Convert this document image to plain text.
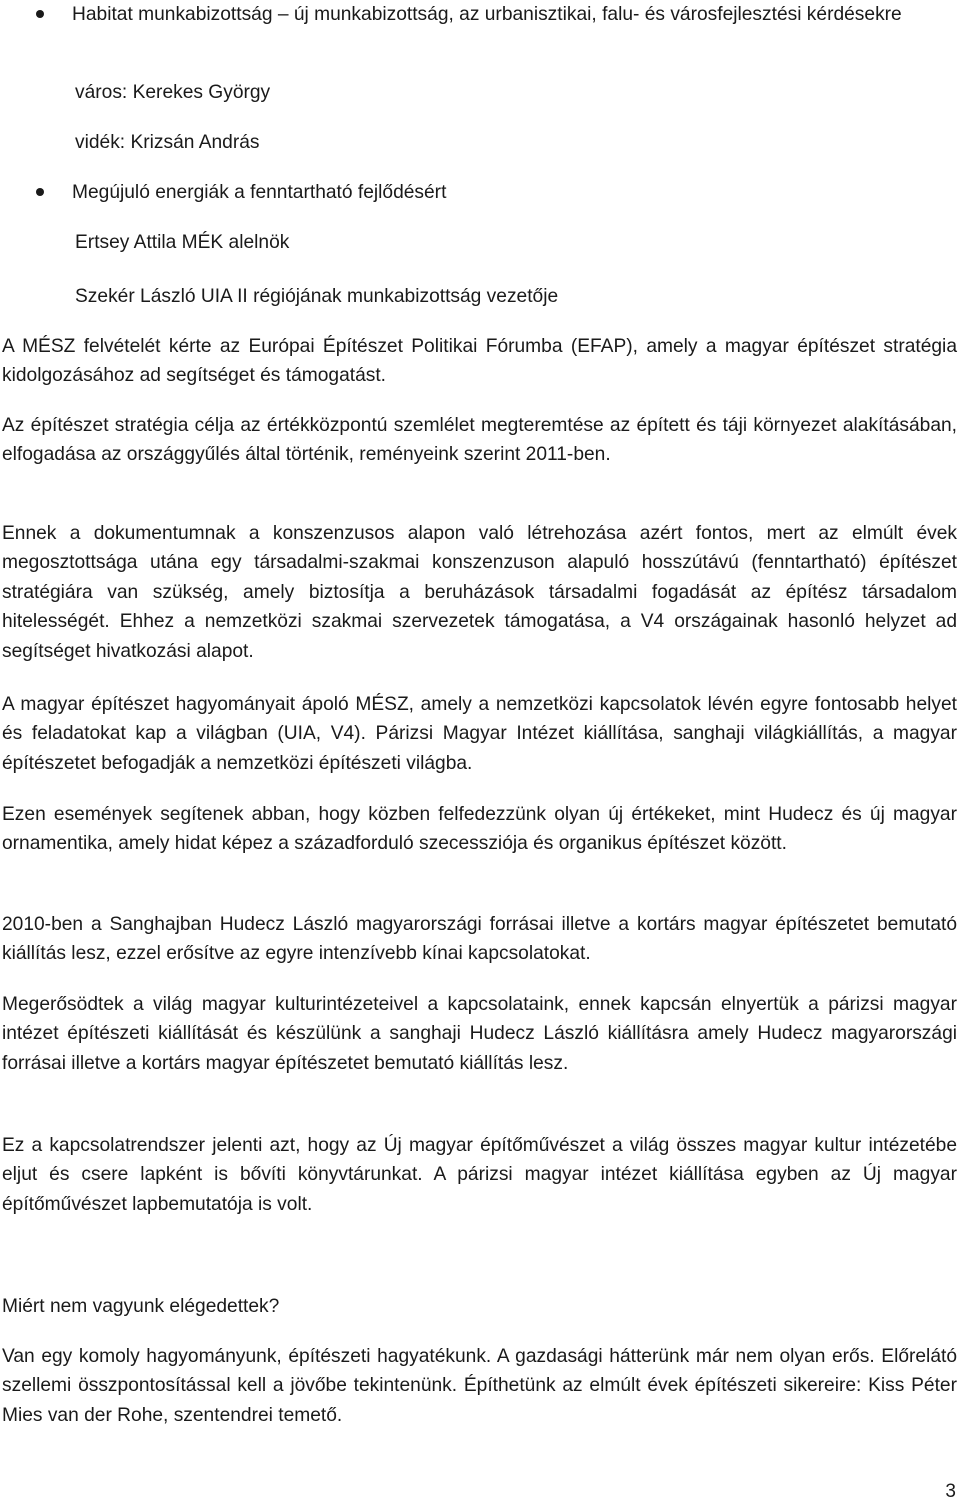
Habitat munkabizottság – új munkabizottság, az urbanisztikai, falu- és városfejlesztési kérdésekre
város: Kerekes György
vidék: Krizsán András
Megújuló energiák a fenntartható fejlődésért
Ertsey Attila MÉK alelnök
Szekér László UIA II régiójának munkabizottság vezetője
A MÉSZ felvételét kérte az Európai Építészet Politikai Fórumba (EFAP), amely a magyar építészet stratégia kidolgozásához ad segítséget és támogatást.
Az építészet stratégia célja az értékközpontú szemlélet megteremtése az épített és táji környezet alakításában, elfogadása az országgyűlés által történik, reményeink szerint 2011-ben.
Ennek a dokumentumnak a konszenzusos alapon való létrehozása azért fontos, mert az elmúlt évek megosztottsága utána egy társadalmi-szakmai konszenzuson alapuló hosszútávú (fenntartható) építészet stratégiára van szükség, amely biztosítja a beruházások társadalmi fogadását az építész társadalom hitelességét. Ehhez a nemzetközi szakmai szervezetek támogatása, a V4 országainak hasonló helyzet ad segítséget hivatkozási alapot.
A magyar építészet hagyományait ápoló MÉSZ, amely a nemzetközi kapcsolatok lévén egyre fontosabb helyet és feladatokat kap a világban (UIA, V4). Párizsi Magyar Intézet kiállítása, sanghaji világkiállítás, a magyar építészetet befogadják a nemzetközi építészeti világba.
Ezen események segítenek abban, hogy közben felfedezzünk olyan új értékeket, mint Hudecz és új magyar ornamentika, amely hidat képez a századforduló szecessziója és organikus építészet között.
2010-ben a Sanghajban Hudecz László magyarországi forrásai illetve a kortárs magyar építészetet bemutató kiállítás lesz, ezzel erősítve az egyre intenzívebb kínai kapcsolatokat.
Megerősödtek a világ magyar kulturintézeteivel a kapcsolataink, ennek kapcsán elnyertük a párizsi magyar intézet építészeti kiállítását és készülünk a sanghaji Hudecz László kiállításra amely Hudecz magyarországi forrásai illetve a kortárs magyar építészetet bemutató kiállítás lesz.
Ez a kapcsolatrendszer jelenti azt, hogy az Új magyar építőművészet a világ összes magyar kultur intézetébe eljut és csere lapként is bővíti könyvtárunkat. A párizsi magyar intézet kiállítása egyben az Új magyar építőművészet lapbemutatója is volt.
Miért nem vagyunk elégedettek?
Van egy komoly hagyományunk, építészeti hagyatékunk. A gazdasági hátterünk már nem olyan erős. Előrelátó szellemi összpontosítással kell a jövőbe tekintenünk. Építhetünk az elmúlt évek építészeti sikereire: Kiss Péter Mies van der Rohe, szentendrei temető.
3
